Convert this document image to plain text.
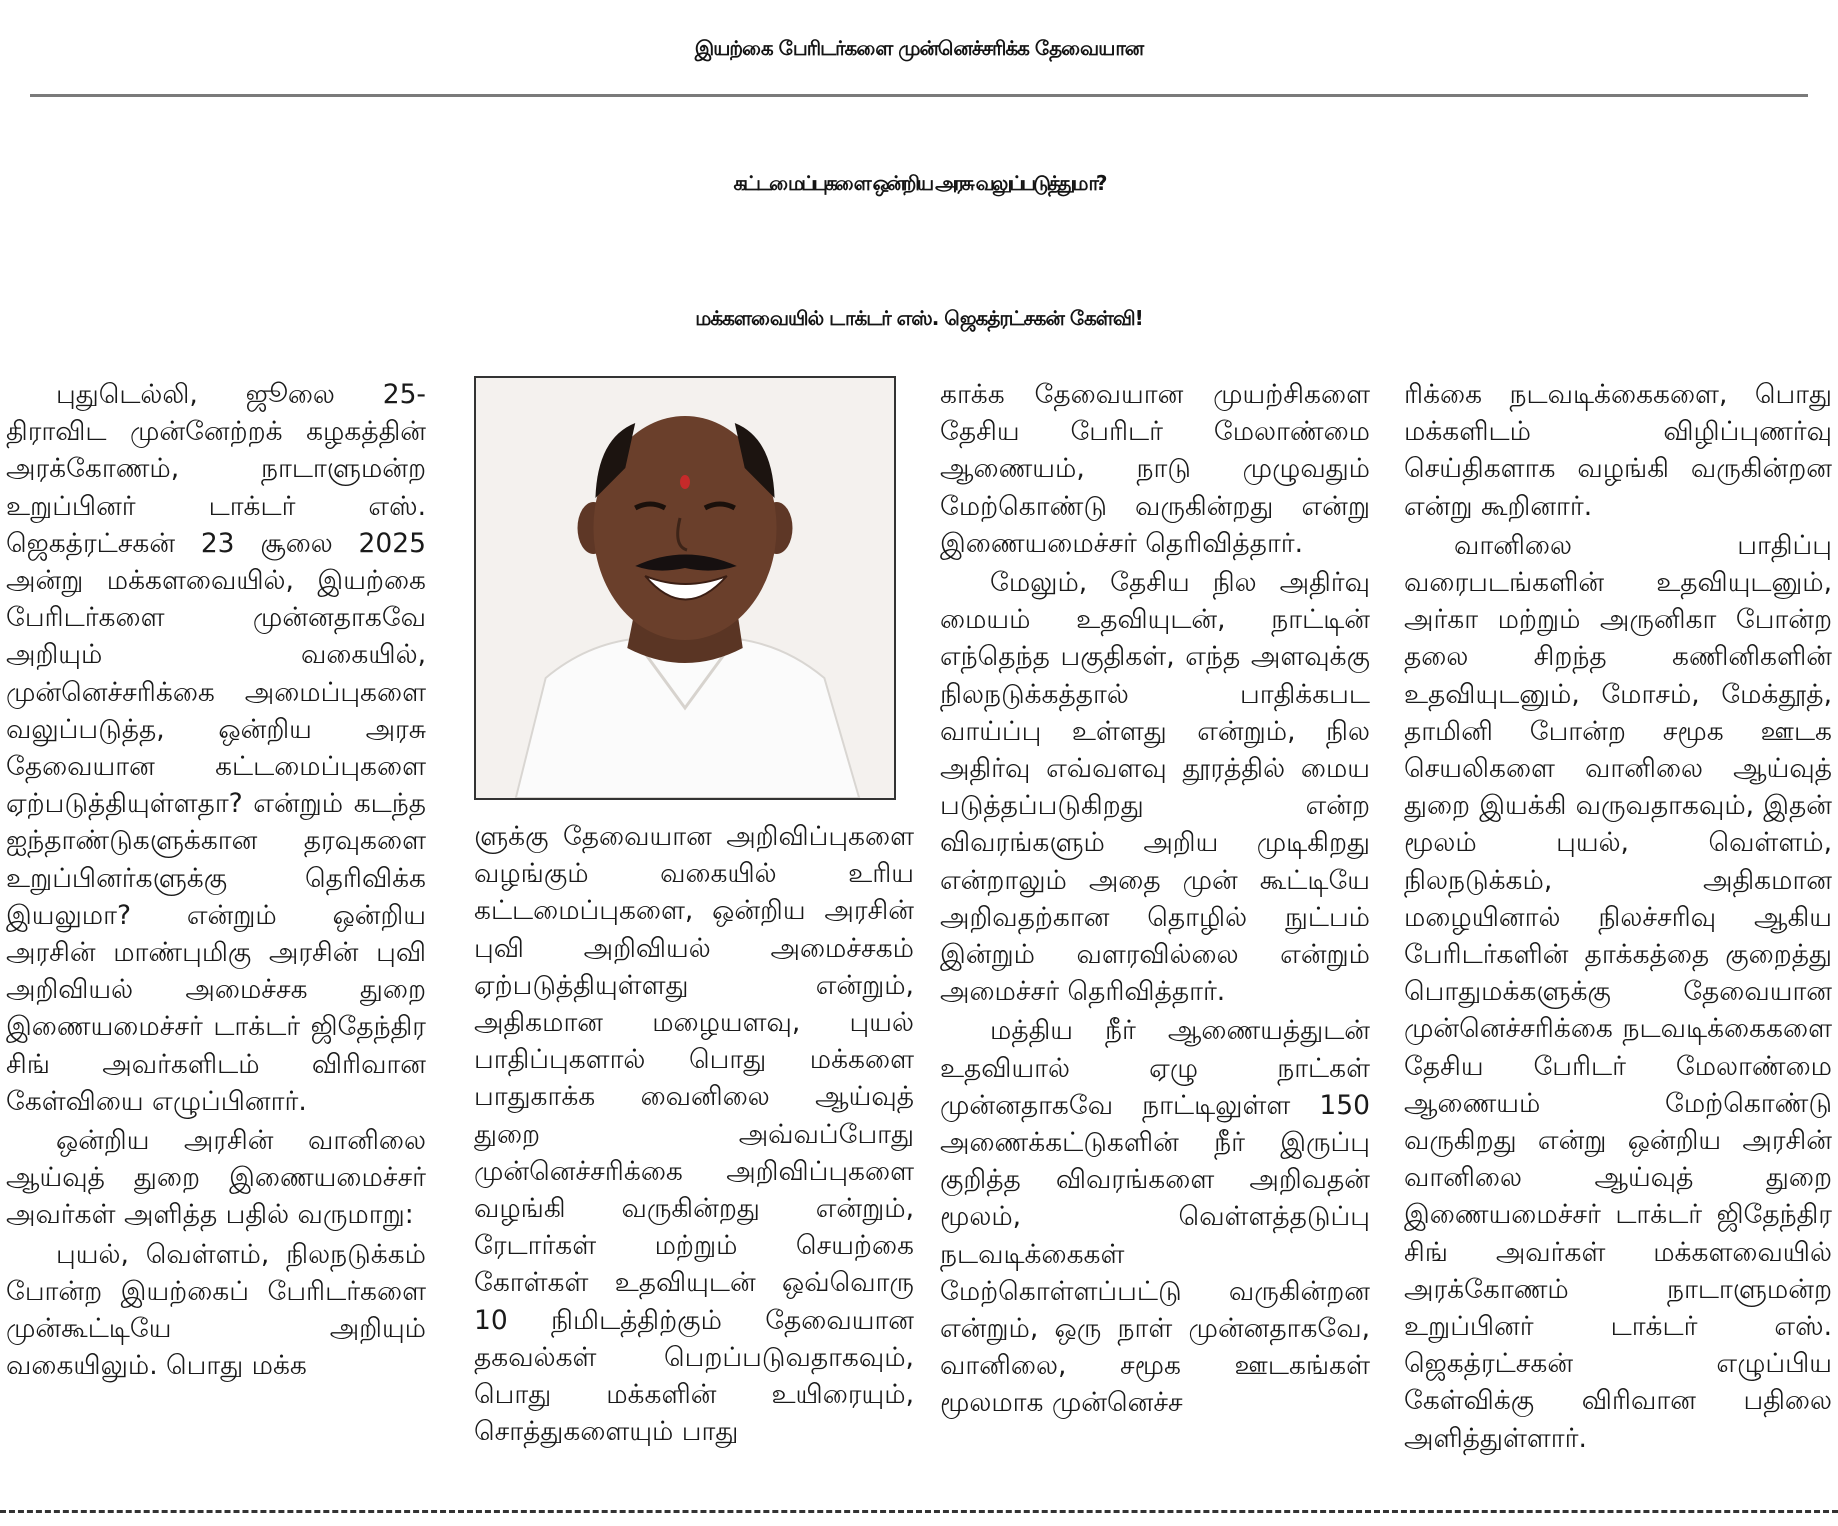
இயற்கை பேரிடர்களை முன்னெச்சரிக்க தேவையான
கட்டமைப்புகளை ஒன்றிய அரசு வலுப்படுத்துமா?
மக்களவையில் டாக்டர் எஸ். ஜெகத்ரட்சகன் கேள்வி!

புதுடெல்லி, ஜூலை 25- திராவிட முன்னேற்றக் கழகத்தின் அரக்கோணம், நாடாளுமன்ற உறுப்பினர் டாக்டர் எஸ். ஜெகத்ரட்சகன் 23 சூலை 2025 அன்று மக்களவையில், இயற்கை பேரிடர்களை முன்னதாகவே அறியும் வகையில், முன்னெச்சரிக்கை அமைப்புகளை வலுப்படுத்த, ஒன்றிய அரசு தேவையான கட்டமைப்புகளை ஏற்படுத்தியுள்ளதா? என்றும் கடந்த ஐந்தாண்டுகளுக்கான தரவுகளை உறுப்பினர்களுக்கு தெரிவிக்க இயலுமா? என்றும் ஒன்றிய அரசின் மாண்புமிகு அரசின் புவி அறிவியல் அமைச்சக துறை இணையமைச்சர் டாக்டர் ஜிதேந்திர சிங் அவர்களிடம் விரிவான கேள்வியை எழுப்பினார்.

ஒன்றிய அரசின் வானிலை ஆய்வுத் துறை இணையமைச்சர் அவர்கள் அளித்த பதில் வருமாறு:

புயல், வெள்ளம், நிலநடுக்கம் போன்ற இயற்கைப் பேரிடர்களை முன்கூட்டியே அறியும் வகையிலும். பொது மக்க

ளுக்கு தேவையான அறிவிப்புகளை வழங்கும் வகையில் உரிய கட்டமைப்புகளை, ஒன்றிய அரசின் புவி அறிவியல் அமைச்சகம் ஏற்படுத்தியுள்ளது என்றும், அதிகமான மழையளவு, புயல் பாதிப்புகளால் பொது மக்களை பாதுகாக்க வைனிலை ஆய்வுத் துறை அவ்வப்போது முன்னெச்சரிக்கை அறிவிப்புகளை வழங்கி வருகின்றது என்றும், ரேடார்கள் மற்றும் செயற்கை கோள்கள் உதவியுடன் ஒவ்வொரு 10 நிமிடத்திற்கும் தேவையான தகவல்கள் பெறப்படுவதாகவும், பொது மக்களின் உயிரையும், சொத்துகளையும் பாது

காக்க தேவையான முயற்சிகளை தேசிய பேரிடர் மேலாண்மை ஆணையம், நாடு முழுவதும் மேற்கொண்டு வருகின்றது என்று இணையமைச்சர் தெரிவித்தார்.

மேலும், தேசிய நில அதிர்வு மையம் உதவியுடன், நாட்டின் எந்தெந்த பகுதிகள், எந்த அளவுக்கு நிலநடுக்கத்தால் பாதிக்கபட வாய்ப்பு உள்ளது என்றும், நில அதிர்வு எவ்வளவு தூரத்தில் மைய படுத்தப்படுகிறது என்ற விவரங்களும் அறிய முடிகிறது என்றாலும் அதை முன் கூட்டியே அறிவதற்கான தொழில் நுட்பம் இன்றும் வளரவில்லை என்றும் அமைச்சர் தெரிவித்தார்.

மத்திய நீர் ஆணையத்துடன் உதவியால் ஏழு நாட்கள் முன்னதாகவே நாட்டிலுள்ள 150 அணைக்கட்டுகளின் நீர் இருப்பு குறித்த விவரங்களை அறிவதன் மூலம், வெள்ளத்தடுப்பு நடவடிக்கைகள் மேற்கொள்ளப்பட்டு வருகின்றன என்றும், ஒரு நாள் முன்னதாகவே, வானிலை, சமூக ஊடகங்கள் மூலமாக முன்னெச்ச

ரிக்கை நடவடிக்கைகளை, பொது மக்களிடம் விழிப்புணர்வு செய்திகளாக வழங்கி வருகின்றன என்று கூறினார்.

வானிலை பாதிப்பு வரைபடங்களின் உதவியுடனும், அர்கா மற்றும் அருனிகா போன்ற தலை சிறந்த கணினிகளின் உதவியுடனும், மோசம், மேக்தூத், தாமினி போன்ற சமூக ஊடக செயலிகளை வானிலை ஆய்வுத் துறை இயக்கி வருவதாகவும், இதன் மூலம் புயல், வெள்ளம், நிலநடுக்கம், அதிகமான மழையினால் நிலச்சரிவு ஆகிய பேரிடர்களின் தாக்கத்தை குறைத்து பொதுமக்களுக்கு தேவையான முன்னெச்சரிக்கை நடவடிக்கைகளை தேசிய பேரிடர் மேலாண்மை ஆணையம் மேற்கொண்டு வருகிறது என்று ஒன்றிய அரசின் வானிலை ஆய்வுத் துறை இணையமைச்சர் டாக்டர் ஜிதேந்திர சிங் அவர்கள் மக்களவையில் அரக்கோணம் நாடாளுமன்ற உறுப்பினர் டாக்டர் எஸ். ஜெகத்ரட்சகன் எழுப்பிய கேள்விக்கு விரிவான பதிலை அளித்துள்ளார்.
